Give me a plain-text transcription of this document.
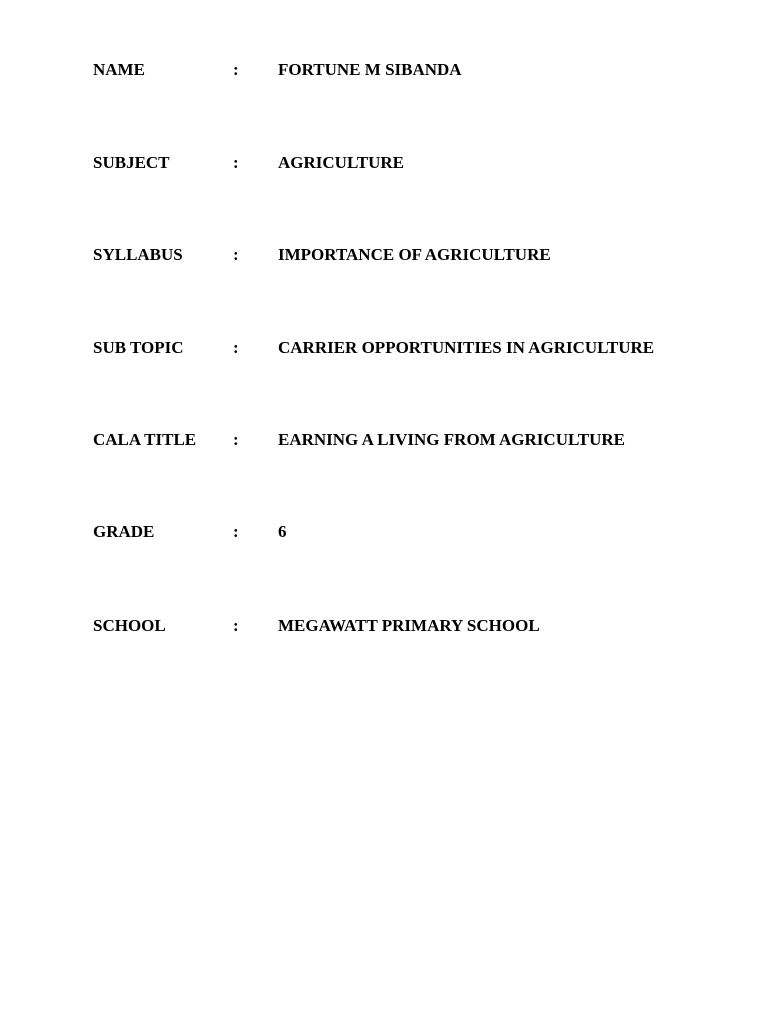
NAME	: FORTUNE M SIBANDA
SUBJECT	: AGRICULTURE
SYLLABUS	: IMPORTANCE OF AGRICULTURE
SUB TOPIC	: CARRIER OPPORTUNITIES IN AGRICULTURE
CALA TITLE : EARNING A LIVING FROM AGRICULTURE
GRADE	: 6
SCHOOL	: MEGAWATT PRIMARY SCHOOL
